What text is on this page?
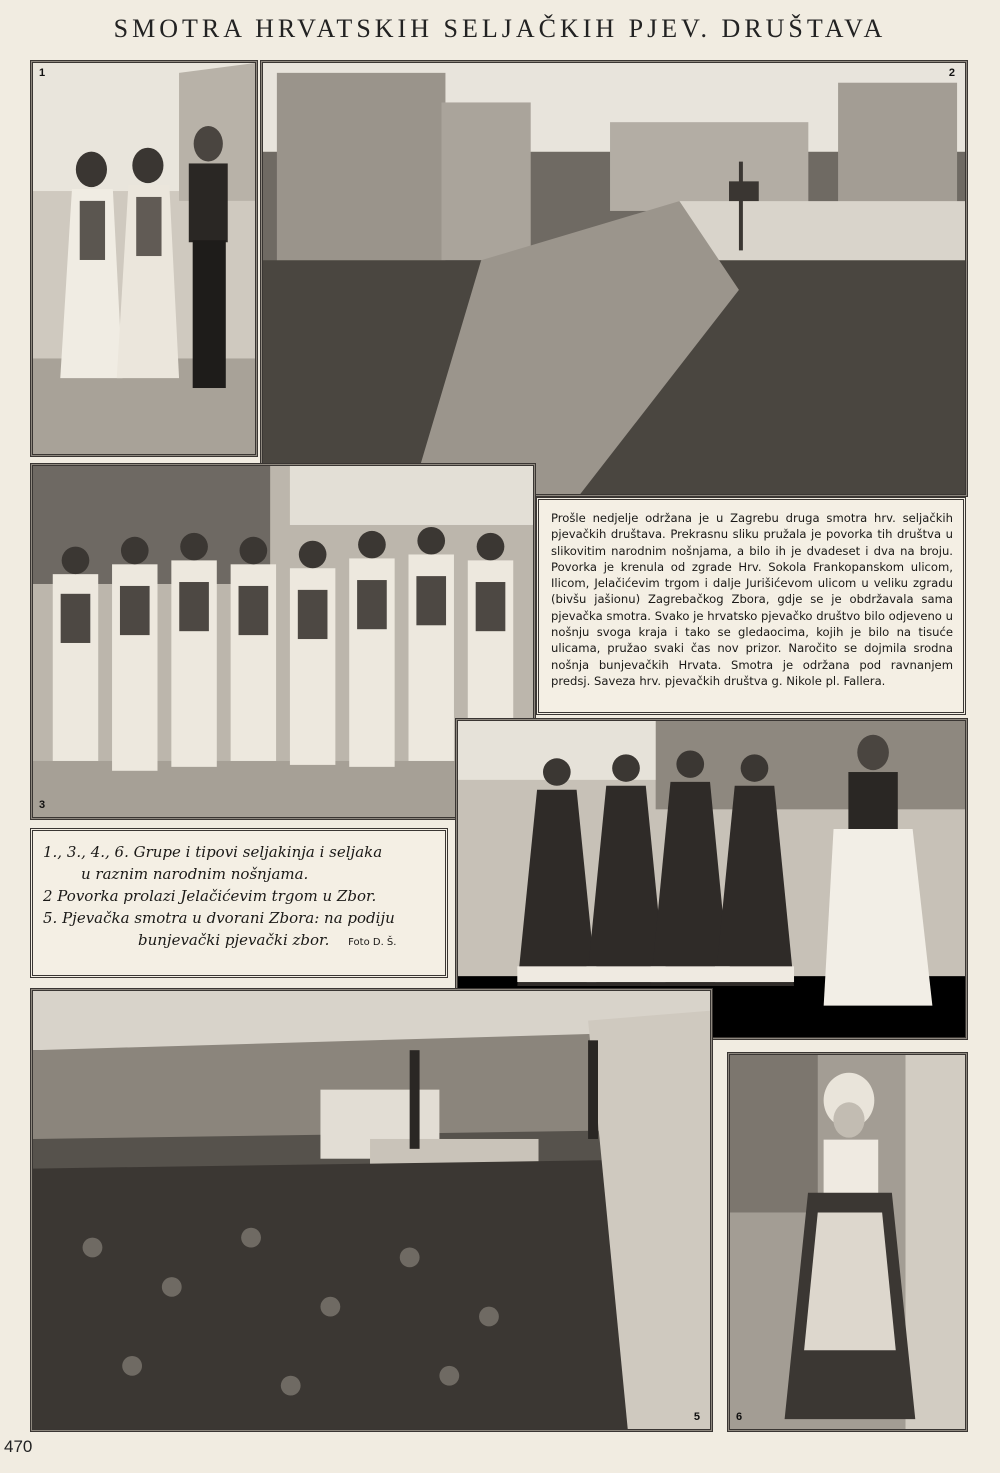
SMOTRA HRVATSKIH SELJAČKIH PJEV. DRUŠTAVA
1	2
3
Prošle nedjelje održana je u Zagrebu druga smotra hrv. seljačkih pjevačkih društava. Prekrasnu sliku pružala je povorka tih društva u slikovitim narodnim nošnjama, a bilo ih je dvadeset i dva na broju. Povorka je krenula od zgrade Hrv. Sokola Frankopanskom ulicom, Ilicom, Jelačićevim trgom i dalje Jurišićevom ulicom u veliku zgradu (bivšu jašionu) Zagrebačkog Zbora, gdje se je obdržavala sama pjevačka smotra. Svako je hrvatsko pjevačko društvo bilo odjeveno u nošnju svoga kraja i tako se gledaocima, kojih je bilo na tisuće ulicama, pružao svaki čas nov prizor. Naročito se dojmila srodna nošnja bunjevačkih Hrvata. Smotra je održana pod ravnanjem predsj. Saveza hrv. pjevačkih društva g. Nikole pl. Fallera.

1., 3., 4., 6. Grupe i tipovi seljakinja i seljaka

u raznim narodnim nošnjama.

2 Povorka prolazi Jelačićevim trgom u Zbor.

5. Pjevačka smotra u dvorani Zbora: na podiju

bunjevački pjevački zbor. Foto D. Š.

5	6
470
